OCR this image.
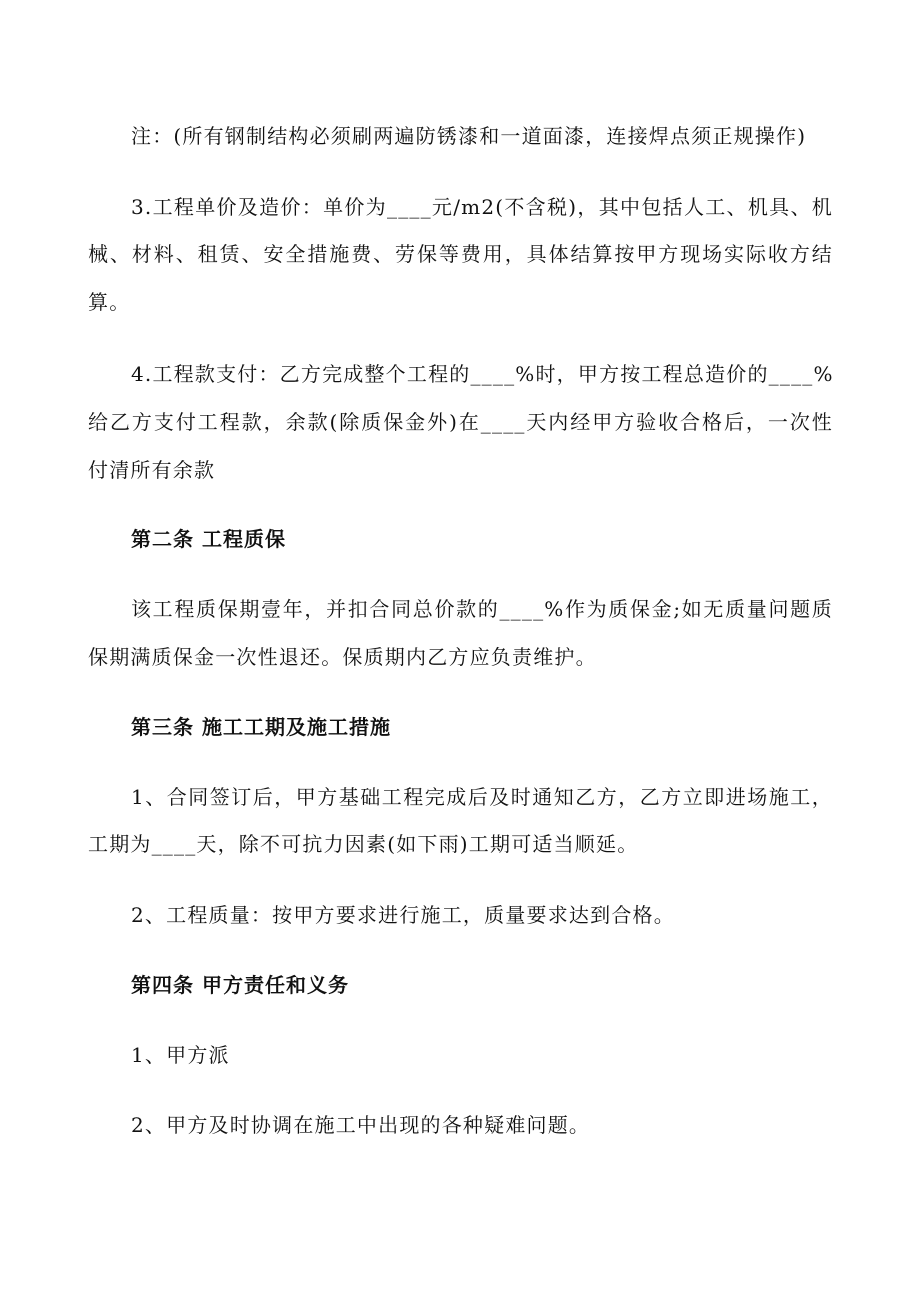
注：(所有钢制结构必须刷两遍防锈漆和一道面漆，连接焊点须正规操作)
3.工程单价及造价：单价为____元/m2(不含税)，其中包括人工、机具、机
械、材料、租赁、安全措施费、劳保等费用，具体结算按甲方现场实际收方结
算。
4.工程款支付：乙方完成整个工程的____%时，甲方按工程总造价的____%
给乙方支付工程款，余款(除质保金外)在____天内经甲方验收合格后，一次性
付清所有余款
第二条 工程质保
该工程质保期壹年，并扣合同总价款的____%作为质保金;如无质量问题质
保期满质保金一次性退还。保质期内乙方应负责维护。
第三条 施工工期及施工措施
1、合同签订后，甲方基础工程完成后及时通知乙方，乙方立即进场施工，
工期为____天，除不可抗力因素(如下雨)工期可适当顺延。
2、工程质量：按甲方要求进行施工，质量要求达到合格。
第四条 甲方责任和义务
1、甲方派
2、甲方及时协调在施工中出现的各种疑难问题。
